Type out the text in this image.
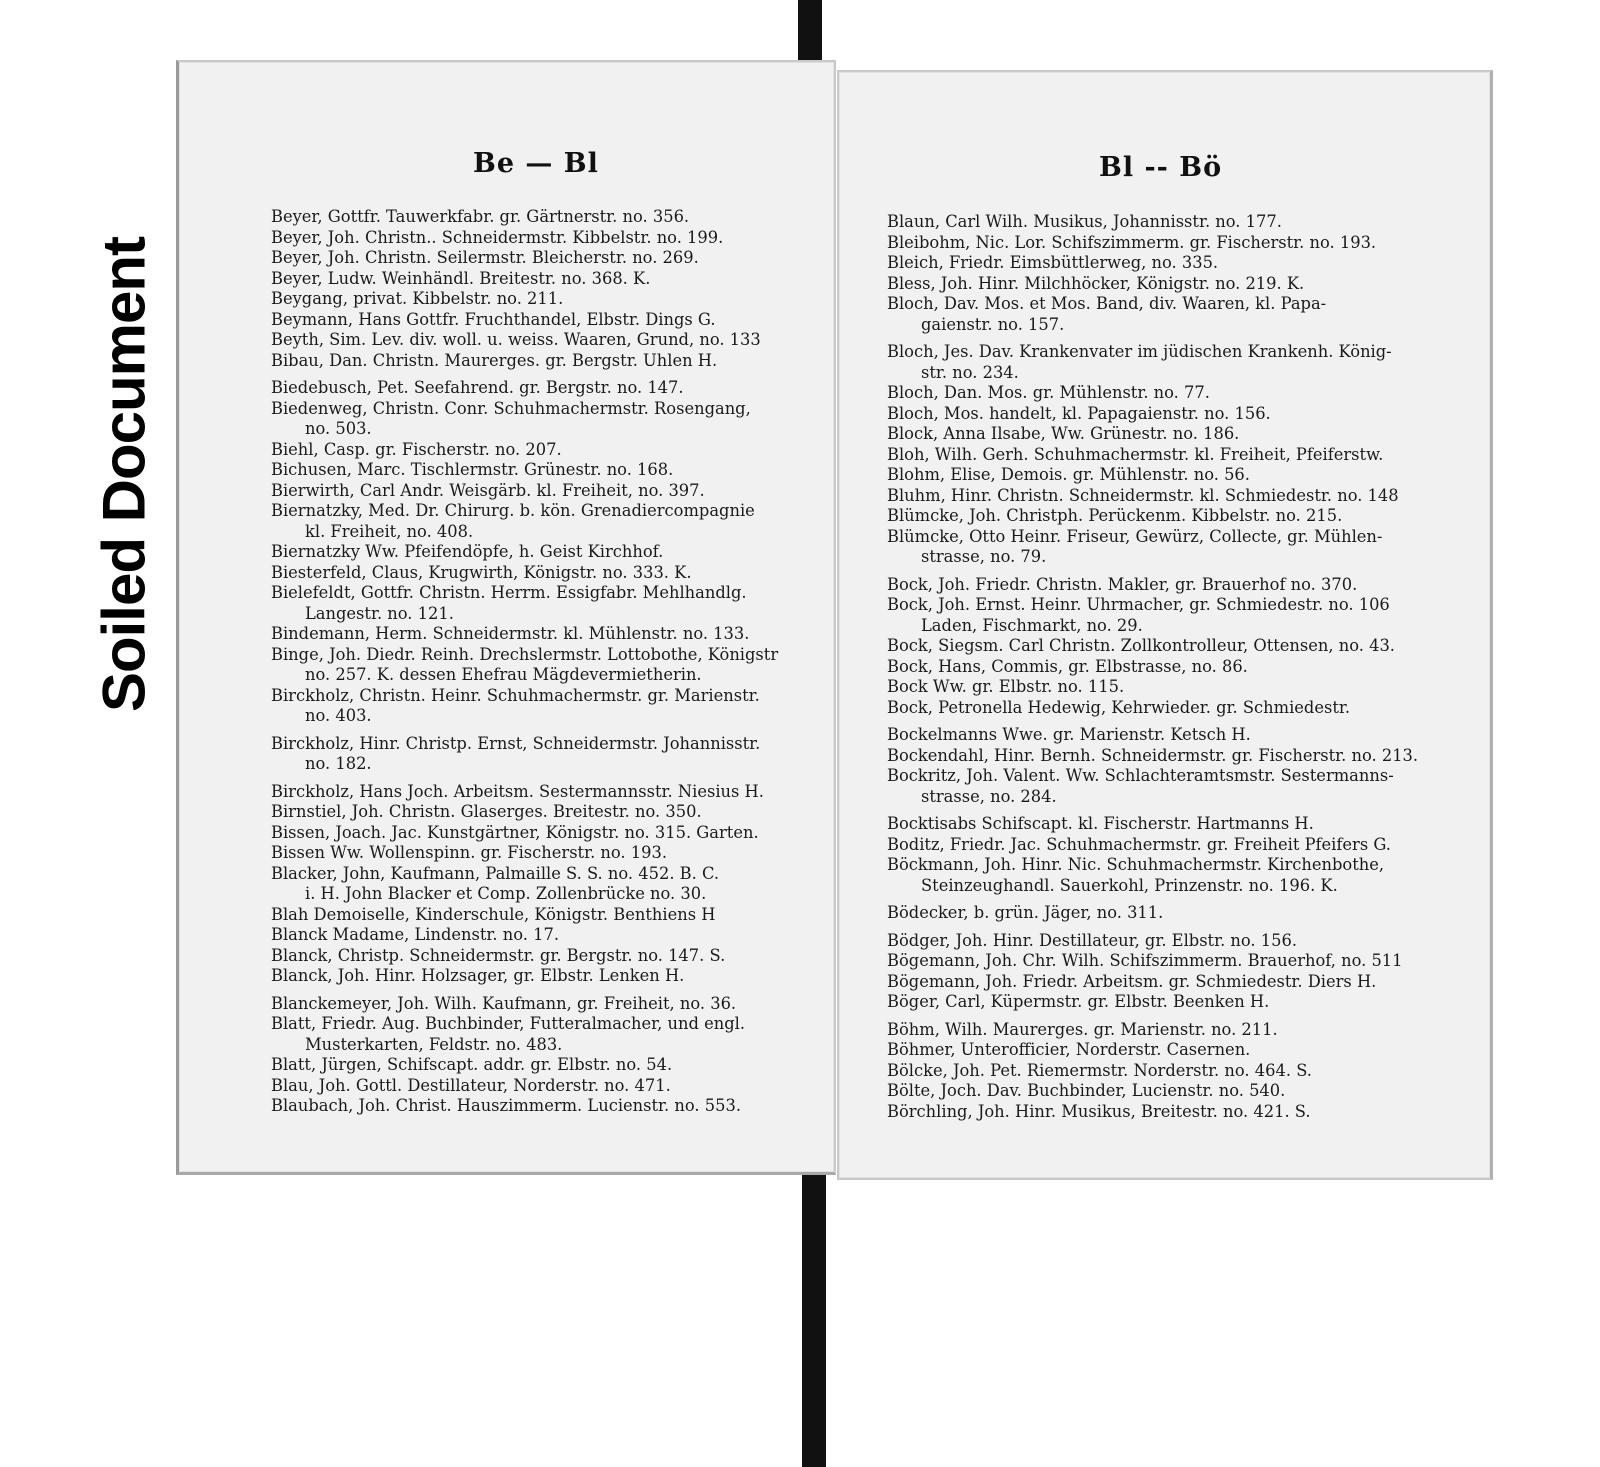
Soiled Document
Be — Bl
Beyer, Gottfr. Tauwerkfabr. gr. Gärtnerstr. no. 356.
Beyer, Joh. Christn.. Schneidermstr. Kibbelstr. no. 199.
Beyer, Joh. Christn. Seilermstr. Bleicherstr. no. 269.
Beyer, Ludw. Weinhändl. Breitestr. no. 368. K.
Beygang, privat. Kibbelstr. no. 211.
Beymann, Hans Gottfr. Fruchthandel, Elbstr. Dings G.
Beyth, Sim. Lev. div. woll. u. weiss. Waaren, Grund, no. 133
Bibau, Dan. Christn. Maurerges. gr. Bergstr. Uhlen H.
Biedebusch, Pet. Seefahrend. gr. Bergstr. no. 147.
Biedenweg, Christn. Conr. Schuhmachermstr. Rosengang,
no. 503.
Biehl, Casp. gr. Fischerstr. no. 207.
Bichusen, Marc. Tischlermstr. Grünestr. no. 168.
Bierwirth, Carl Andr. Weisgärb. kl. Freiheit, no. 397.
Biernatzky, Med. Dr. Chirurg. b. kön. Grenadiercompagnie
kl. Freiheit, no. 408.
Biernatzky Ww. Pfeifendöpfe, h. Geist Kirchhof.
Biesterfeld, Claus, Krugwirth, Königstr. no. 333. K.
Bielefeldt, Gottfr. Christn. Herrm. Essigfabr. Mehlhandlg.
Langestr. no. 121.
Bindemann, Herm. Schneidermstr. kl. Mühlenstr. no. 133.
Binge, Joh. Diedr. Reinh. Drechslermstr. Lottobothe, Königstr
no. 257. K. dessen Ehefrau Mägdevermietherin.
Birckholz, Christn. Heinr. Schuhmachermstr. gr. Marienstr.
no. 403.
Birckholz, Hinr. Christp. Ernst, Schneidermstr. Johannisstr.
no. 182.
Birckholz, Hans Joch. Arbeitsm. Sestermannsstr. Niesius H.
Birnstiel, Joh. Christn. Glaserges. Breitestr. no. 350.
Bissen, Joach. Jac. Kunstgärtner, Königstr. no. 315. Garten.
Bissen Ww. Wollenspinn. gr. Fischerstr. no. 193.
Blacker, John, Kaufmann, Palmaille S. S. no. 452. B. C.
i. H. John Blacker et Comp. Zollenbrücke no. 30.
Blah Demoiselle, Kinderschule, Königstr. Benthiens H
Blanck Madame, Lindenstr. no. 17.
Blanck, Christp. Schneidermstr. gr. Bergstr. no. 147. S.
Blanck, Joh. Hinr. Holzsager, gr. Elbstr. Lenken H.
Blanckemeyer, Joh. Wilh. Kaufmann, gr. Freiheit, no. 36.
Blatt, Friedr. Aug. Buchbinder, Futteralmacher, und engl.
Musterkarten, Feldstr. no. 483.
Blatt, Jürgen, Schifscapt. addr. gr. Elbstr. no. 54.
Blau, Joh. Gottl. Destillateur, Norderstr. no. 471.
Blaubach, Joh. Christ. Hauszimmerm. Lucienstr. no. 553.
Bl -- Bö
Blaun, Carl Wilh. Musikus, Johannisstr. no. 177.
Bleibohm, Nic. Lor. Schifszimmerm. gr. Fischerstr. no. 193.
Bleich, Friedr. Eimsbüttlerweg, no. 335.
Bless, Joh. Hinr. Milchhöcker, Königstr. no. 219. K.
Bloch, Dav. Mos. et Mos. Band, div. Waaren, kl. Papa-
gaienstr. no. 157.
Bloch, Jes. Dav. Krankenvater im jüdischen Krankenh. König-
str. no. 234.
Bloch, Dan. Mos. gr. Mühlenstr. no. 77.
Bloch, Mos. handelt, kl. Papagaienstr. no. 156.
Block, Anna Ilsabe, Ww. Grünestr. no. 186.
Bloh, Wilh. Gerh. Schuhmachermstr. kl. Freiheit, Pfeiferstw.
Blohm, Elise, Demois. gr. Mühlenstr. no. 56.
Bluhm, Hinr. Christn. Schneidermstr. kl. Schmiedestr. no. 148
Blümcke, Joh. Christph. Perückenm. Kibbelstr. no. 215.
Blümcke, Otto Heinr. Friseur, Gewürz, Collecte, gr. Mühlen-
strasse, no. 79.
Bock, Joh. Friedr. Christn. Makler, gr. Brauerhof no. 370.
Bock, Joh. Ernst. Heinr. Uhrmacher, gr. Schmiedestr. no. 106
Laden, Fischmarkt, no. 29.
Bock, Siegsm. Carl Christn. Zollkontrolleur, Ottensen, no. 43.
Bock, Hans, Commis, gr. Elbstrasse, no. 86.
Bock Ww. gr. Elbstr. no. 115.
Bock, Petronella Hedewig, Kehrwieder. gr. Schmiedestr.
Bockelmanns Wwe. gr. Marienstr. Ketsch H.
Bockendahl, Hinr. Bernh. Schneidermstr. gr. Fischerstr. no. 213.
Bockritz, Joh. Valent. Ww. Schlachteramtsmstr. Sestermanns-
strasse, no. 284.
Bocktisabs Schifscapt. kl. Fischerstr. Hartmanns H.
Boditz, Friedr. Jac. Schuhmachermstr. gr. Freiheit Pfeifers G.
Böckmann, Joh. Hinr. Nic. Schuhmachermstr. Kirchenbothe,
Steinzeughandl. Sauerkohl, Prinzenstr. no. 196. K.
Bödecker, b. grün. Jäger, no. 311.
Bödger, Joh. Hinr. Destillateur, gr. Elbstr. no. 156.
Bögemann, Joh. Chr. Wilh. Schifszimmerm. Brauerhof, no. 511
Bögemann, Joh. Friedr. Arbeitsm. gr. Schmiedestr. Diers H.
Böger, Carl, Küpermstr. gr. Elbstr. Beenken H.
Böhm, Wilh. Maurerges. gr. Marienstr. no. 211.
Böhmer, Unterofficier, Norderstr. Casernen.
Bölcke, Joh. Pet. Riemermstr. Norderstr. no. 464. S.
Bölte, Joch. Dav. Buchbinder, Lucienstr. no. 540.
Börchling, Joh. Hinr. Musikus, Breitestr. no. 421. S.
